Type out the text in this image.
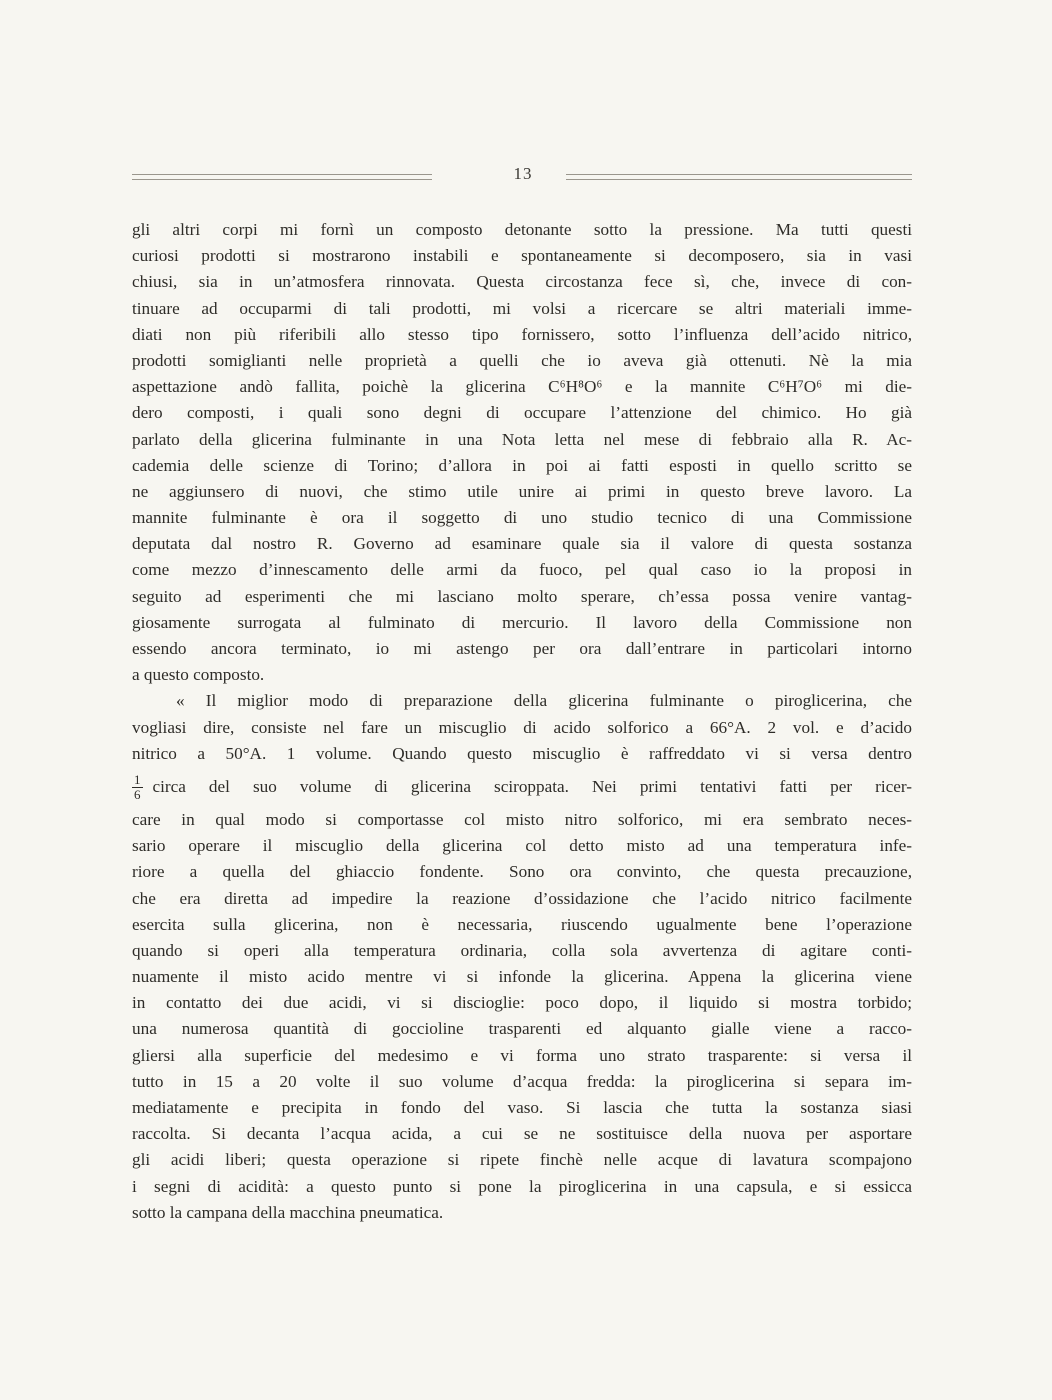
13
gli altri corpi mi fornì un composto detonante sotto la pressione. Ma tutti questi
curiosi prodotti si mostrarono instabili e spontaneamente si decomposero, sia in vasi
chiusi, sia in un’atmosfera rinnovata. Questa circostanza fece sì, che, invece di con-
tinuare ad occuparmi di tali prodotti, mi volsi a ricercare se altri materiali imme-
diati non più riferibili allo stesso tipo fornissero, sotto l’influenza dell’acido nitrico,
prodotti somiglianti nelle proprietà a quelli che io aveva già ottenuti. Nè la mia
aspettazione andò fallita, poichè la glicerina C⁶H⁸O⁶ e la mannite C⁶H⁷O⁶ mi die-
dero composti, i quali sono degni di occupare l’attenzione del chimico. Ho già
parlato della glicerina fulminante in una Nota letta nel mese di febbraio alla R. Ac-
cademia delle scienze di Torino; d’allora in poi ai fatti esposti in quello scritto se
ne aggiunsero di nuovi, che stimo utile unire ai primi in questo breve lavoro. La
mannite fulminante è ora il soggetto di uno studio tecnico di una Commissione
deputata dal nostro R. Governo ad esaminare quale sia il valore di questa sostanza
come mezzo d’innescamento delle armi da fuoco, pel qual caso io la proposi in
seguito ad esperimenti che mi lasciano molto sperare, ch’essa possa venire vantag-
giosamente surrogata al fulminato di mercurio. Il lavoro della Commissione non
essendo ancora terminato, io mi astengo per ora dall’entrare in particolari intorno
a questo composto.
« Il miglior modo di preparazione della glicerina fulminante o piroglicerina, che
vogliasi dire, consiste nel fare un miscuglio di acido solforico a 66°A. 2 vol. e d’acido
nitrico a 50°A. 1 volume. Quando questo miscuglio è raffreddato vi si versa dentro
$\frac{1}{6}$ circa del suo volume di glicerina sciroppata. Nei primi tentativi fatti per ricer-
care in qual modo si comportasse col misto nitro solforico, mi era sembrato neces-
sario operare il miscuglio della glicerina col detto misto ad una temperatura infe-
riore a quella del ghiaccio fondente. Sono ora convinto, che questa precauzione,
che era diretta ad impedire la reazione d’ossidazione che l’acido nitrico facilmente
esercita sulla glicerina, non è necessaria, riuscendo ugualmente bene l’operazione
quando si operi alla temperatura ordinaria, colla sola avvertenza di agitare conti-
nuamente il misto acido mentre vi si infonde la glicerina. Appena la glicerina viene
in contatto dei due acidi, vi si discioglie: poco dopo, il liquido si mostra torbido;
una numerosa quantità di goccioline trasparenti ed alquanto gialle viene a racco-
gliersi alla superficie del medesimo e vi forma uno strato trasparente: si versa il
tutto in 15 a 20 volte il suo volume d’acqua fredda: la piroglicerina si separa im-
mediatamente e precipita in fondo del vaso. Si lascia che tutta la sostanza siasi
raccolta. Si decanta l’acqua acida, a cui se ne sostituisce della nuova per asportare
gli acidi liberi; questa operazione si ripete finchè nelle acque di lavatura scompajono
i segni di acidità: a questo punto si pone la piroglicerina in una capsula, e si essicca
sotto la campana della macchina pneumatica.
